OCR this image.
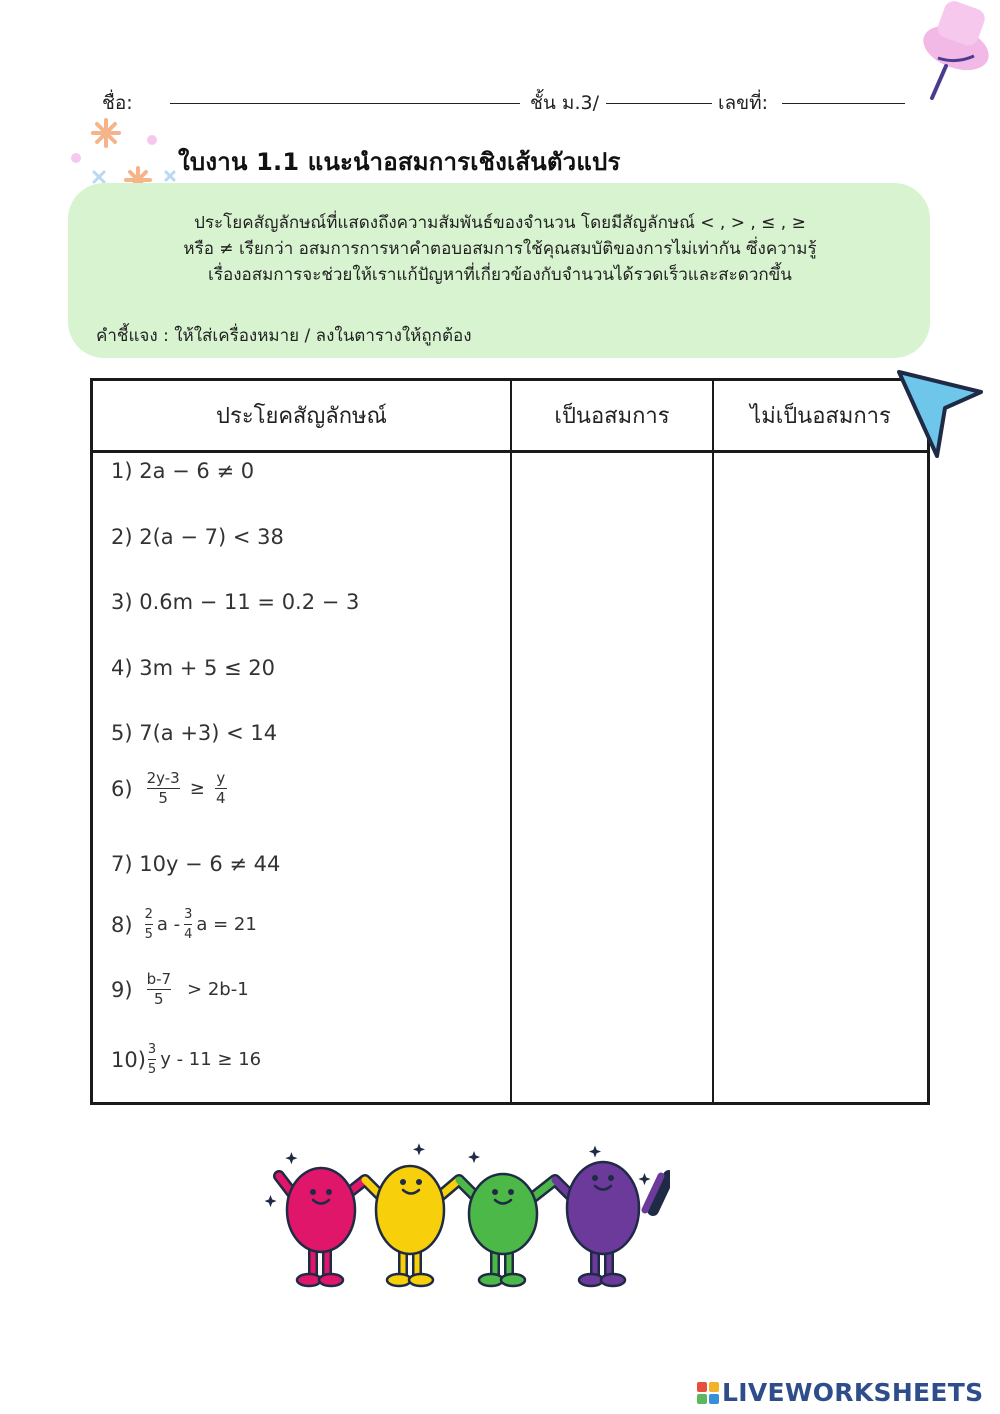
ชื่อ:	ชั้น ม.3/	เลขที่:
ใบงาน 1.1 แนะนำอสมการเชิงเส้นตัวแปร
ประโยคสัญลักษณ์ที่แสดงถึงความสัมพันธ์ของจำนวน โดยมีสัญลักษณ์ < , > , ≤ , ≥
หรือ ≠ เรียกว่า อสมการการหาคำตอบอสมการใช้คุณสมบัติของการไม่เท่ากัน ซึ่งความรู้
เรื่องอสมการจะช่วยให้เราแก้ปัญหาที่เกี่ยวข้องกับจำนวนได้รวดเร็วและสะดวกขึ้น
คำชี้แจง : ให้ใส่เครื่องหมาย / ลงในตารางให้ถูกต้อง
ประโยคสัญลักษณ์	เป็นอสมการ	ไม่เป็นอสมการ
1) 2a − 6 ≠ 0
2) 2(a − 7) < 38
3) 0.6m − 11 = 0.2 − 3
4) 3m + 5 ≤ 20
5) 7(a +3) < 14
$6) \frac{2y-3}{5} \ge \frac{y}{4}$
7) 10y − 6 ≠ 44
$8) \frac{2}{5}$ a - $\frac{3}{4}$ a = 21
$9) \frac{b-7}{5} > 2b-1$
$10) \frac{3}{5}$ y - 11 ≥ 16
LIVEWORKSHEETS
